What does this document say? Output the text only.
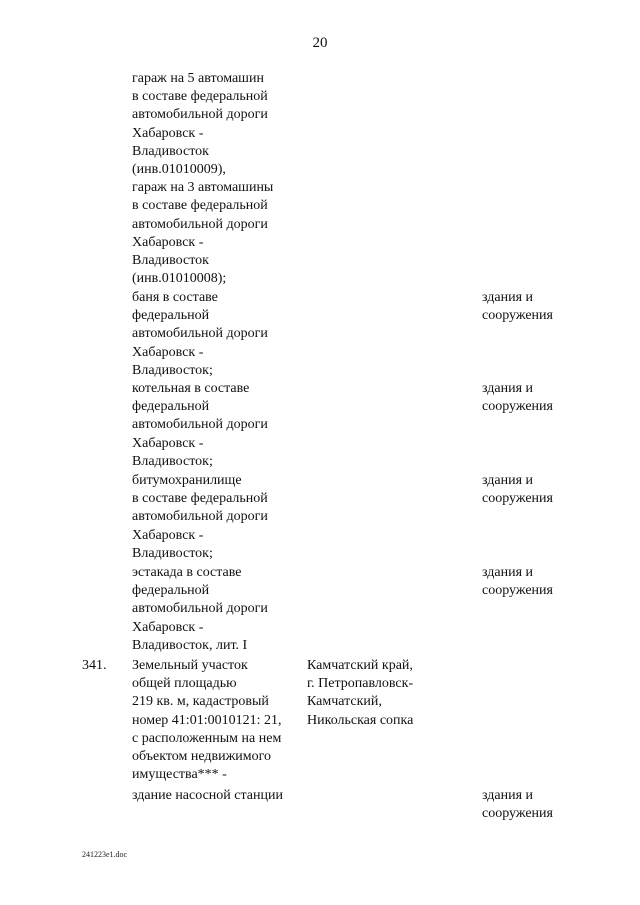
20
гараж на 5 автомашин
в составе федеральной
автомобильной дороги
Хабаровск -
Владивосток
(инв.01010009),
гараж на 3 автомашины
в составе федеральной
автомобильной дороги
Хабаровск -
Владивосток
(инв.01010008);
баня в составе
федеральной
автомобильной дороги
Хабаровск -
Владивосток;
здания и
сооружения
котельная в составе
федеральной
автомобильной дороги
Хабаровск -
Владивосток;
здания и
сооружения
битумохранилище
в составе федеральной
автомобильной дороги
Хабаровск -
Владивосток;
здания и
сооружения
эстакада в составе
федеральной
автомобильной дороги
Хабаровск -
Владивосток, лит. I
здания и
сооружения
341. Земельный участок
общей площадью
219 кв. м, кадастровый
номер 41:01:0010121: 21,
с расположенным на нем
объектом недвижимого
имущества*** -
Камчатский край,
г. Петропавловск-
Камчатский,
Никольская сопка
здание насосной станции	здания и
сооружения
241223e1.doc
